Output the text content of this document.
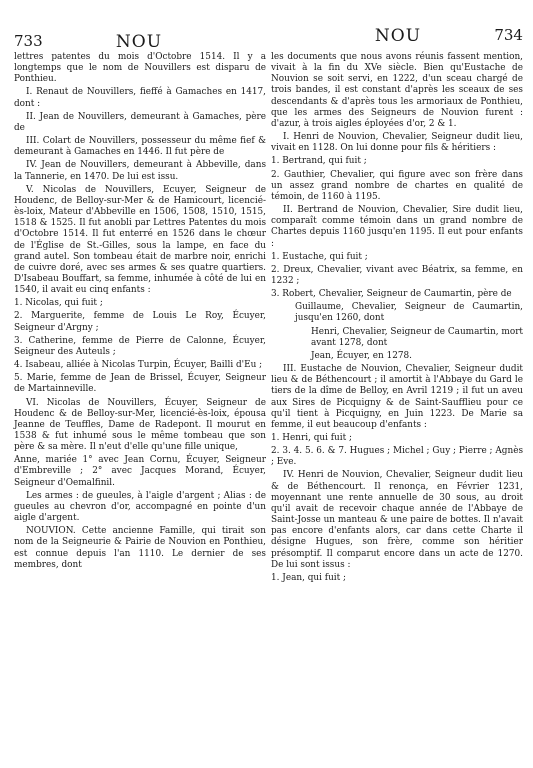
733	NOU	NOU	734

lettres patentes du mois d'Octobre 1514. Il y a longtemps que le nom de Nouvillers est disparu de Ponthieu.

I. Renaut de Nouvillers, fieffé à Gamaches en 1417, dont :

II. Jean de Nouvillers, demeurant à Gamaches, père de

III. Colart de Nouvillers, possesseur du même fief & demeurant à Gamaches en 1446. Il fut père de

IV. Jean de Nouvillers, demeurant à Abbeville, dans la Tannerie, en 1470. De lui est issu.

V. Nicolas de Nouvillers, Ecuyer, Seigneur de Houdenc, de Belloy-sur-Mer & de Hamicourt, licencié-ès-loix, Mateur d'Abbeville en 1506, 1508, 1510, 1515, 1518 & 1525. Il fut anobli par Lettres Patentes du mois d'Octobre 1514. Il fut enterré en 1526 dans le chœur de l'Église de St.-Gilles, sous la lampe, en face du grand autel. Son tombeau était de marbre noir, enrichi de cuivre doré, avec ses armes & ses quatre quartiers. D'Isabeau Bouffart, sa femme, inhumée à côté de lui en 1540, il avait eu cinq enfants :

1. Nicolas, qui fuit ;

2. Marguerite, femme de Louis Le Roy, Écuyer, Seigneur d'Argny ;

3. Catherine, femme de Pierre de Calonne, Écuyer, Seigneur des Auteuls ;

4. Isabeau, alliée à Nicolas Turpin, Écuyer, Bailli d'Eu ;

5. Marie, femme de Jean de Brissel, Écuyer, Seigneur de Martainneville.

VI. Nicolas de Nouvillers, Écuyer, Seigneur de Houdenc & de Belloy-sur-Mer, licencié-ès-loix, épousa Jeanne de Teuffles, Dame de Radepont. Il mourut en 1538 & fut inhumé sous le même tombeau que son père & sa mère. Il n'eut d'elle qu'une fille unique,

Anne, mariée 1° avec Jean Cornu, Écuyer, Seigneur d'Embreville ; 2° avec Jacques Morand, Écuyer, Seigneur d'Oemalfinil.

Les armes : de gueules, à l'aigle d'argent ; Alias : de gueules au chevron d'or, accompagné en pointe d'un aigle d'argent.

NOUVION. Cette ancienne Famille, qui tirait son nom de la Seigneurie & Pairie de Nouvion en Ponthieu, est connue depuis l'an 1110. Le dernier de ses membres, dont

les documents que nous avons réunis fassent mention, vivait à la fin du XVe siècle. Bien qu'Eustache de Nouvion se soit servi, en 1222, d'un sceau chargé de trois bandes, il est constant d'après les sceaux de ses descendants & d'après tous les armoriaux de Ponthieu, que les armes des Seigneurs de Nouvion furent : d'azur, à trois aigles éployées d'or, 2 & 1.

I. Henri de Nouvion, Chevalier, Seigneur dudit lieu, vivait en 1128. On lui donne pour fils & héritiers :

1. Bertrand, qui fuit ;

2. Gauthier, Chevalier, qui figure avec son frère dans un assez grand nombre de chartes en qualité de témoin, de 1160 à 1195.

II. Bertrand de Nouvion, Chevalier, Sire dudit lieu, comparaît comme témoin dans un grand nombre de Chartes depuis 1160 jusqu'en 1195. Il eut pour enfants :

1. Eustache, qui fuit ;

2. Dreux, Chevalier, vivant avec Béatrix, sa femme, en 1232 ;

3. Robert, Chevalier, Seigneur de Caumartin, père de

Guillaume, Chevalier, Seigneur de Caumartin, jusqu'en 1260, dont

Henri, Chevalier, Seigneur de Caumartin, mort avant 1278, dont

Jean, Écuyer, en 1278.

III. Eustache de Nouvion, Chevalier, Seigneur dudit lieu & de Béthencourt ; il amortit à l'Abbaye du Gard le tiers de la dîme de Belloy, en Avril 1219 ; il fut un aveu aux Sires de Picquigny & de Saint-Saufflieu pour ce qu'il tient à Picquigny, en Juin 1223. De Marie sa femme, il eut beaucoup d'enfants :

1. Henri, qui fuit ;

2. 3. 4. 5. 6. & 7. Hugues ; Michel ; Guy ; Pierre ; Agnès ; Eve.

IV. Henri de Nouvion, Chevalier, Seigneur dudit lieu & de Béthencourt. Il renonça, en Février 1231, moyennant une rente annuelle de 30 sous, au droit qu'il avait de recevoir chaque année de l'Abbaye de Saint-Josse un manteau & une paire de bottes. Il n'avait pas encore d'enfants alors, car dans cette Charte il désigne Hugues, son frère, comme son héritier présomptif. Il comparut encore dans un acte de 1270. De lui sont issus :

1. Jean, qui fuit ;
